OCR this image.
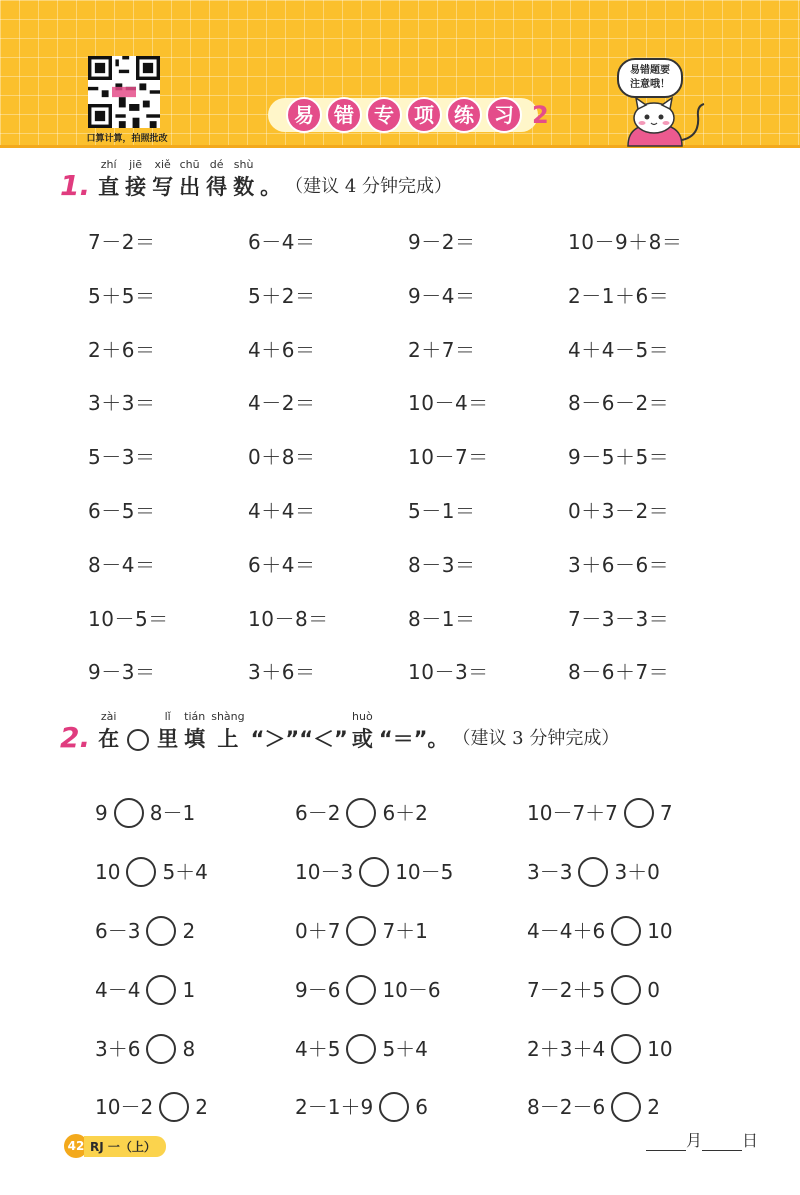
口算计算，拍照批改
易	错	专	项	练	习 2
易错题要
注意哦！
1.
zhí
直
jiē
接
xiě
写
chū
出
dé
得
shù
数 。 （建议 4 分钟完成）
7－2＝	6－4＝	9－2＝	10－9＋8＝
5＋5＝	5＋2＝	9－4＝	2－1＋6＝
2＋6＝	4＋6＝	2＋7＝	4＋4－5＝
3＋3＝	4－2＝	10－4＝	8－6－2＝
5－3＝	0＋8＝	10－7＝	9－5＋5＝
6－5＝	4＋4＝	5－1＝	0＋3－2＝
8－4＝	6＋4＝	8－3＝	3＋6－6＝
10－5＝	10－8＝	8－1＝	7－3－3＝
9－3＝	3＋6＝	10－3＝	8－6＋7＝
2.
zài
在
lǐ
里
tián
填
shàng
上 “＞”“＜”
huò
或 “＝” 。 （建议 3 分钟完成）
9 8－1	6－2 6＋2	10－7＋7 7
10 5＋4	10－3 10－5	3－3 3＋0
6－3 2	0＋7 7＋1	4－4＋6 10
4－4 1	9－6 10－6	7－2＋5 0
3＋6 8	4＋5 5＋4	2＋3＋4 10
10－2 2	2－1＋9 6	8－2－6 2
42 RJ 一（上）	月	日
